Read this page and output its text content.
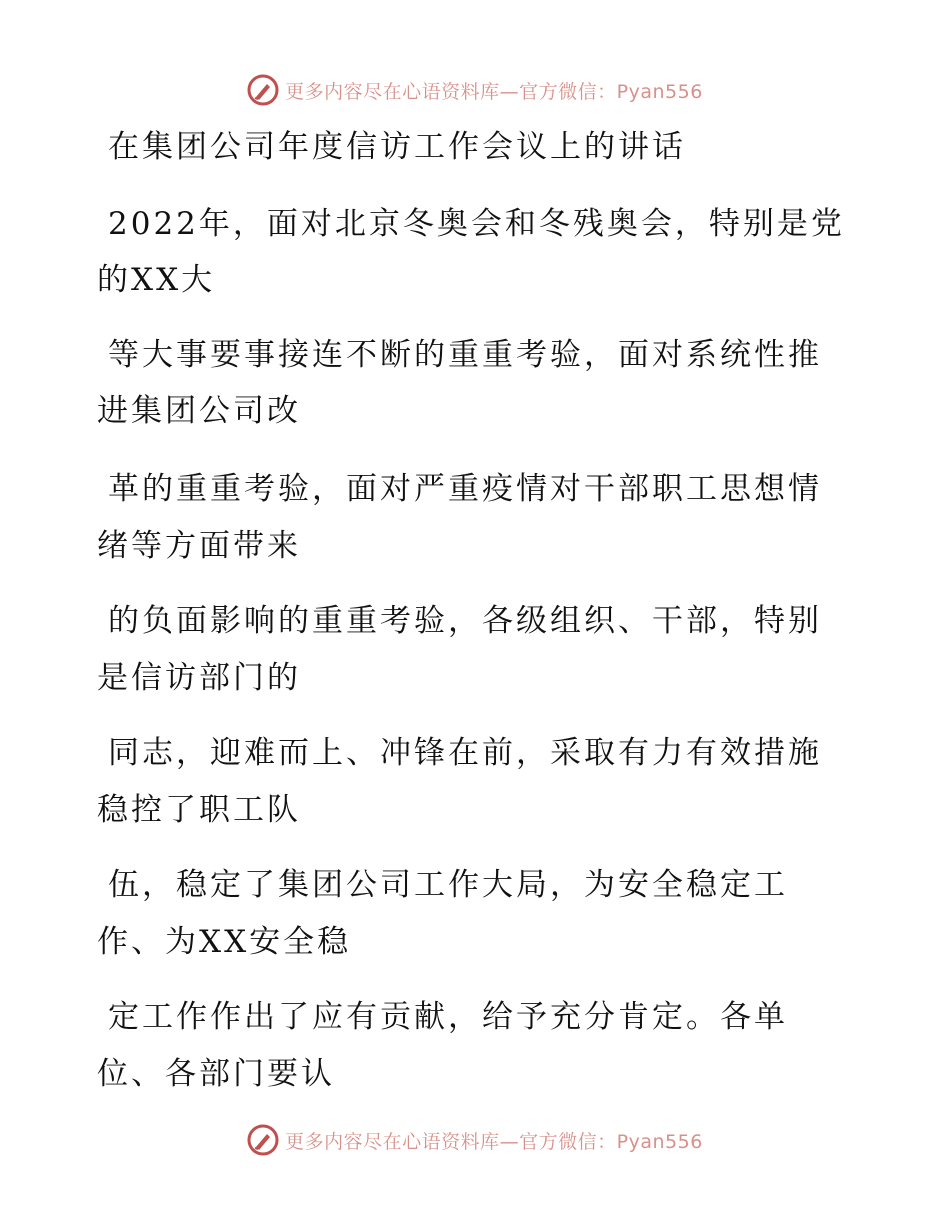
更多内容尽在心语资料库—官方微信：Pyan556
在集团公司年度信访工作会议上的讲话
2022年，面对北京冬奥会和冬残奥会，特别是党
的XX大
等大事要事接连不断的重重考验，面对系统性推
进集团公司改
革的重重考验，面对严重疫情对干部职工思想情
绪等方面带来
的负面影响的重重考验，各级组织、干部，特别
是信访部门的
同志，迎难而上、冲锋在前，采取有力有效措施
稳控了职工队
伍，稳定了集团公司工作大局，为安全稳定工
作、为XX安全稳
定工作作出了应有贡献，给予充分肯定。各单
位、各部门要认
更多内容尽在心语资料库—官方微信：Pyan556
